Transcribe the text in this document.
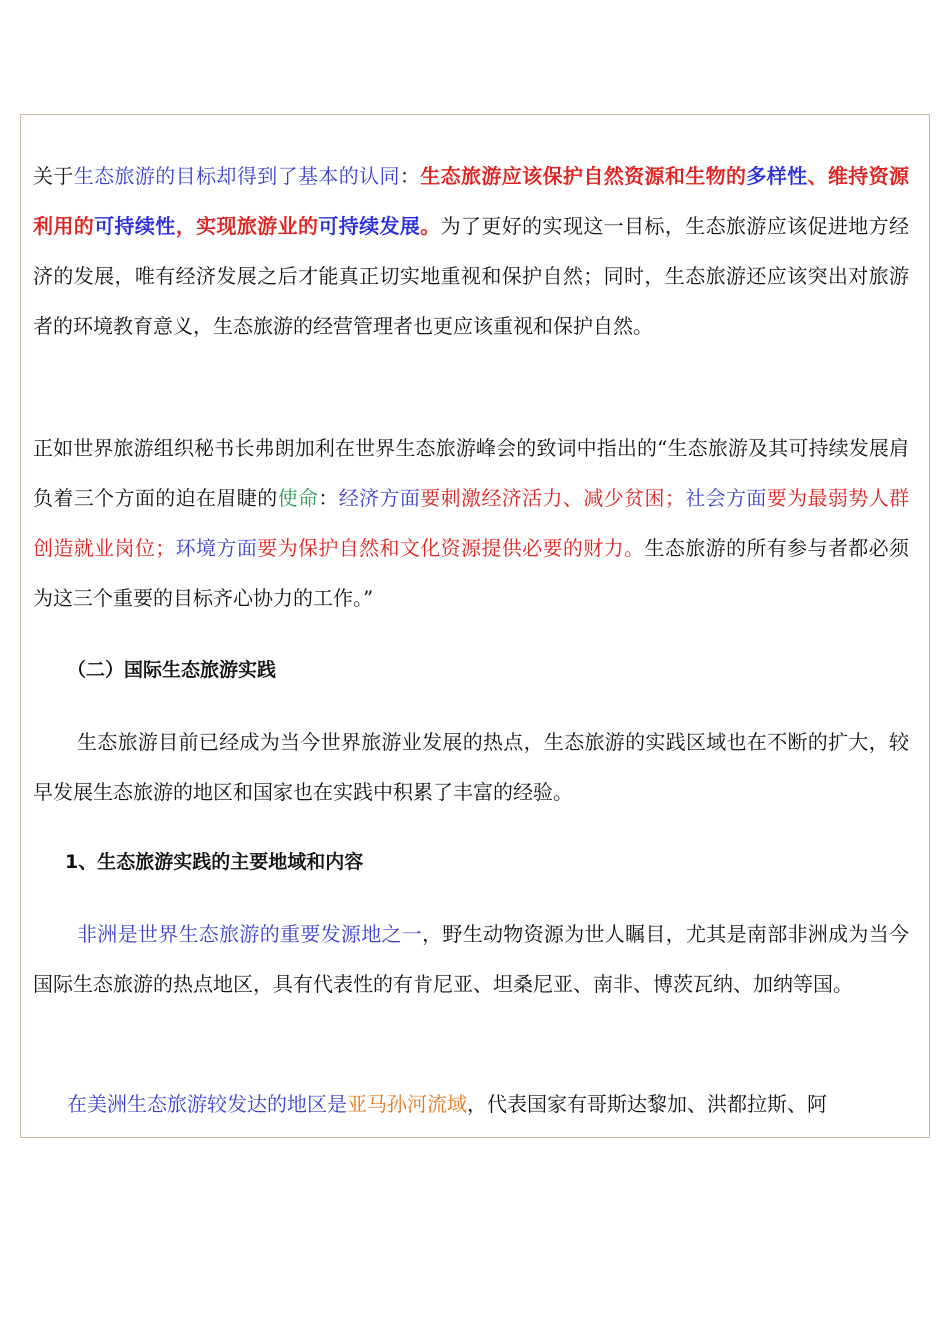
关于生态旅游的目标却得到了基本的认同：生态旅游应该保护自然资源和生物的多样性、维持资源利用的可持续性，实现旅游业的可持续发展。为了更好的实现这一目标，生态旅游应该促进地方经济的发展，唯有经济发展之后才能真正切实地重视和保护自然；同时，生态旅游还应该突出对旅游者的环境教育意义，生态旅游的经营管理者也更应该重视和保护自然。

正如世界旅游组织秘书长弗朗加利在世界生态旅游峰会的致词中指出的“生态旅游及其可持续发展肩负着三个方面的迫在眉睫的使命：经济方面要刺激经济活力、减少贫困；社会方面要为最弱势人群创造就业岗位；环境方面要为保护自然和文化资源提供必要的财力。生态旅游的所有参与者都必须为这三个重要的目标齐心协力的工作。”

（二）国际生态旅游实践

生态旅游目前已经成为当今世界旅游业发展的热点，生态旅游的实践区域也在不断的扩大，较早发展生态旅游的地区和国家也在实践中积累了丰富的经验。

1、生态旅游实践的主要地域和内容

非洲是世界生态旅游的重要发源地之一，野生动物资源为世人瞩目，尤其是南部非洲成为当今国际生态旅游的热点地区，具有代表性的有肯尼亚、坦桑尼亚、南非、博茨瓦纳、加纳等国。

在美洲生态旅游较发达的地区是亚马孙河流域，代表国家有哥斯达黎加、洪都拉斯、阿
